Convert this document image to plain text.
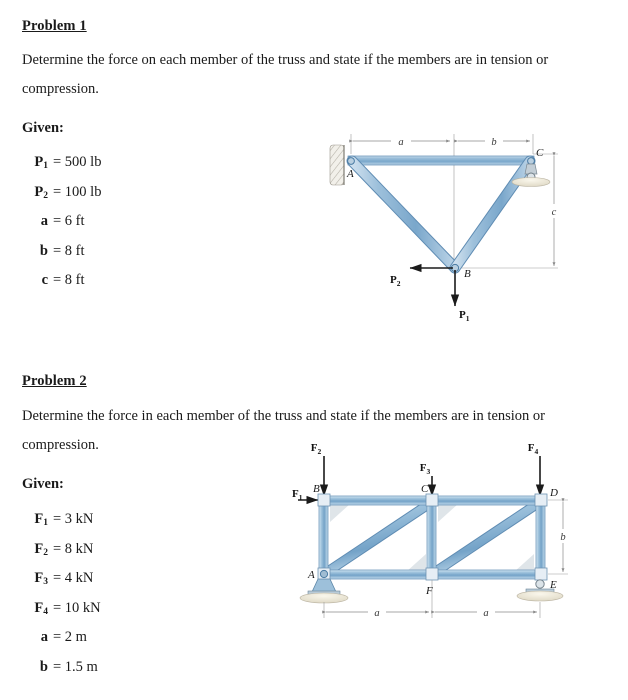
Problem 1
Determine the force on each member of the truss and state if the members are in tension or compression.
Given:
$P_1 = 500$ lb
$P_2 = 100$ lb
a = 6 ft
b = 8 ft
c = 8 ft
a	b
c
$P_1$
$P_2$
A
B
C
Problem 2
Determine the force in each member of the truss and state if the members are in tension or compression.
Given:
$F_1 = 3$ kN
$F_2 = 8$ kN
$F_3 = 4$ kN
$F_4 = 10$ kN
a = 2 m
b = 1.5 m
$F_2$
$F_3$
$F_4$
$F_1$
a	a
b
B	C	D
A
F	E
